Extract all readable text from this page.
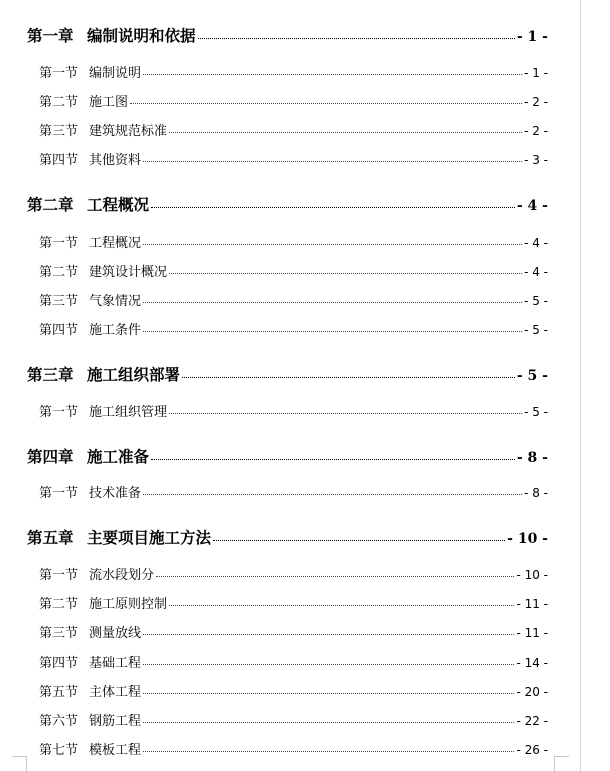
第一章 编制说明和依据	- 1 -
第一节 编制说明	- 1 -
第二节 施工图	- 2 -
第三节 建筑规范标准	- 2 -
第四节 其他资料	- 3 -
第二章 工程概况	- 4 -
第一节 工程概况	- 4 -
第二节 建筑设计概况	- 4 -
第三节 气象情况	- 5 -
第四节 施工条件	- 5 -
第三章 施工组织部署	- 5 -
第一节 施工组织管理	- 5 -
第四章 施工准备	- 8 -
第一节 技术准备	- 8 -
第五章 主要项目施工方法	- 10 -
第一节 流水段划分	- 10 -
第二节 施工原则控制	- 11 -
第三节 测量放线	- 11 -
第四节 基础工程	- 14 -
第五节 主体工程	- 20 -
第六节 钢筋工程	- 22 -
第七节 模板工程	- 26 -
